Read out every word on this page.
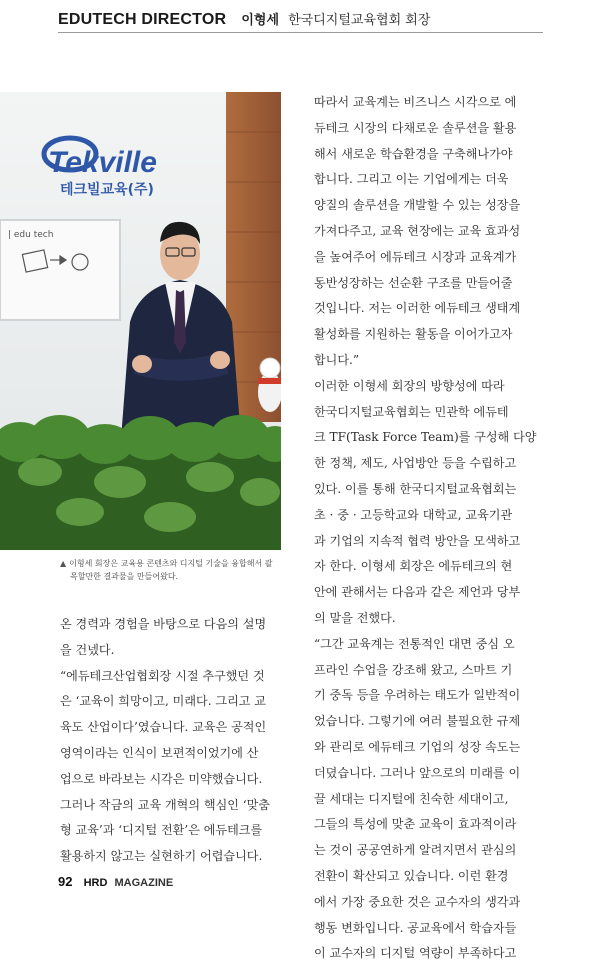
EDUTECH DIRECTOR 이형세 한국디지털교육협회 회장
Tekville
테크빌교육(주)
| edu tech
▲ 이형세 회장은 교육용 콘텐츠와 디지털 기술을 융합해서 괄
목할만한 결과물을 만들어왔다.
온 경력과 경험을 바탕으로 다음의 설명
을 건넸다.
“에듀테크산업협회장 시절 추구했던 것
은 ‘교육이 희망이고, 미래다. 그리고 교
육도 산업이다’였습니다. 교육은 공적인
영역이라는 인식이 보편적이었기에 산
업으로 바라보는 시각은 미약했습니다.
그러나 작금의 교육 개혁의 핵심인 ‘맞춤
형 교육’과 ‘디지털 전환’은 에듀테크를
활용하지 않고는 실현하기 어렵습니다.
따라서 교육계는 비즈니스 시각으로 에
듀테크 시장의 다채로운 솔루션을 활용
해서 새로운 학습환경을 구축해나가야
합니다. 그리고 이는 기업에게는 더욱
양질의 솔루션을 개발할 수 있는 성장을
가져다주고, 교육 현장에는 교육 효과성
을 높여주어 에듀테크 시장과 교육계가
동반성장하는 선순환 구조를 만들어줄
것입니다. 저는 이러한 에듀테크 생태계
활성화를 지원하는 활동을 이어가고자
합니다.”
이러한 이형세 회장의 방향성에 따라
한국디지털교육협회는 민관학 에듀테
크 TF(Task Force Team)를 구성해 다양
한 정책, 제도, 사업방안 등을 수립하고
있다. 이를 통해 한국디지털교육협회는
초 · 중 · 고등학교와 대학교, 교육기관
과 기업의 지속적 협력 방안을 모색하고
자 한다. 이형세 회장은 에듀테크의 현
안에 관해서는 다음과 같은 제언과 당부
의 말을 전했다.
“그간 교육계는 전통적인 대면 중심 오
프라인 수업을 강조해 왔고, 스마트 기
기 중독 등을 우려하는 태도가 일반적이
었습니다. 그렇기에 여러 불필요한 규제
와 관리로 에듀테크 기업의 성장 속도는
더뎠습니다. 그러나 앞으로의 미래를 이
끌 세대는 디지털에 친숙한 세대이고,
그들의 특성에 맞춘 교육이 효과적이라
는 것이 공공연하게 알려지면서 관심의
전환이 확산되고 있습니다. 이런 환경
에서 가장 중요한 것은 교수자의 생각과
행동 변화입니다. 공교육에서 학습자들
이 교수자의 디지털 역량이 부족하다고
92 HRD MAGAZINE
